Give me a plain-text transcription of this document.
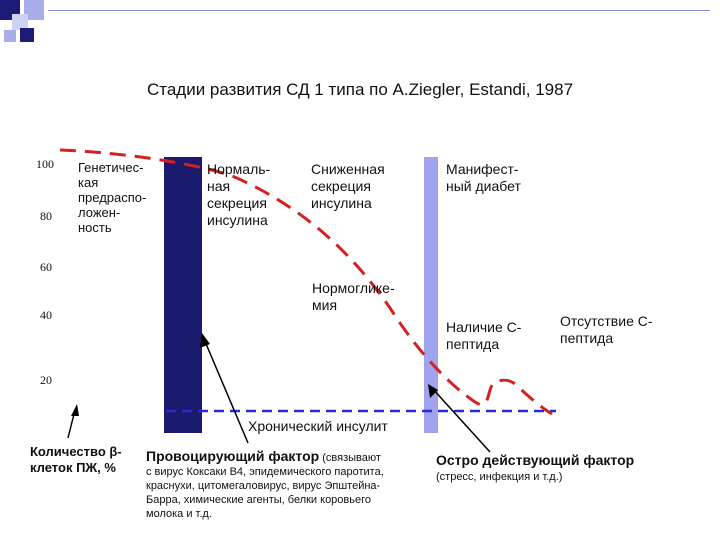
Стадии развития СД 1 типа по A.Ziegler, Estandi, 1987
100
80
60
40
20
Генетичес-
кая
предраспо-
ложен-
ность
Нормаль-
ная
секреция
инсулина
Сниженная
секреция
инсулина
Манифест-
ный диабет
Нормоглике-
мия
Наличие С-
пептида
Отсутствие С-
пептида
Хронический инсулит
Количество β-
клеток ПЖ, %
Провоцирующий фактор (связывают
с вирус Коксаки В4, эпидемического паротита,
краснухи, цитомегаловирус, вирус Эпштейна-
Барра, химические агенты, белки коровьего
молока и т.д.
Остро действующий фактор
(стресс, инфекция и т.д.)
